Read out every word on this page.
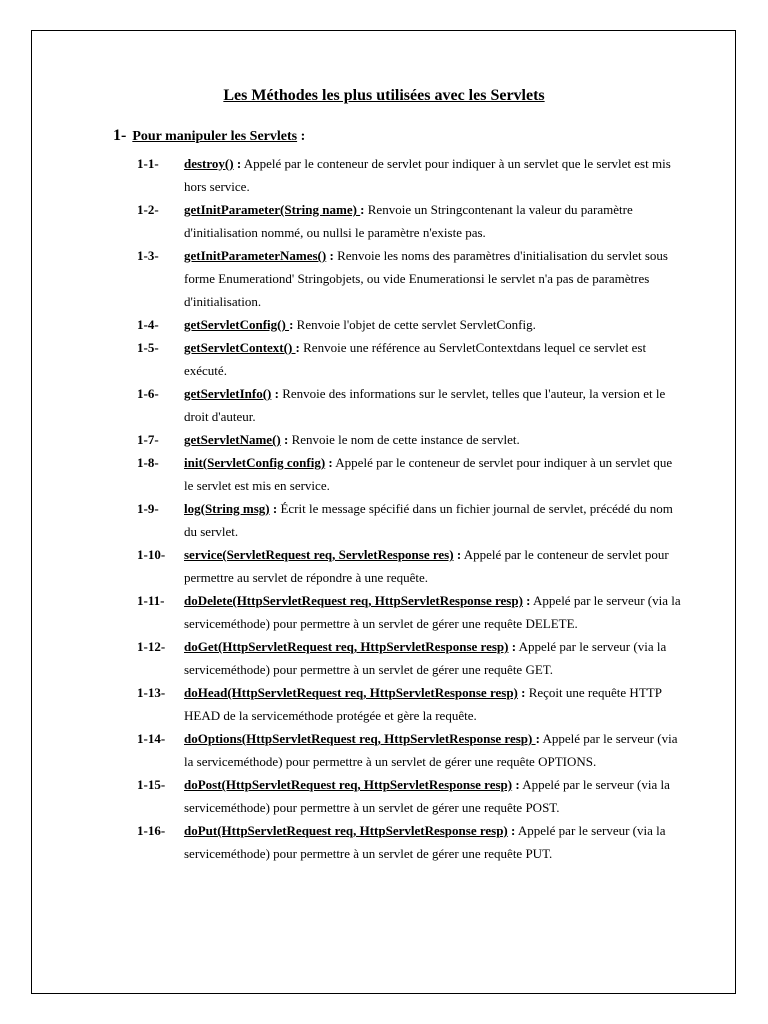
Les Méthodes les plus utilisées avec les Servlets
1- Pour manipuler les Servlets :
1-1- destroy() : Appelé par le conteneur de servlet pour indiquer à un servlet que le servlet est mis hors service.
1-2- getInitParameter(String name) : Renvoie un Stringcontenant la valeur du paramètre d'initialisation nommé, ou nullsi le paramètre n'existe pas.
1-3- getInitParameterNames() : Renvoie les noms des paramètres d'initialisation du servlet sous forme Enumerationd' Stringobjets, ou vide Enumerationsi le servlet n'a pas de paramètres d'initialisation.
1-4- getServletConfig() : Renvoie l'objet de cette servlet ServletConfig.
1-5- getServletContext() : Renvoie une référence au ServletContextdans lequel ce servlet est exécuté.
1-6- getServletInfo() : Renvoie des informations sur le servlet, telles que l'auteur, la version et le droit d'auteur.
1-7- getServletName() : Renvoie le nom de cette instance de servlet.
1-8- init(ServletConfig config) : Appelé par le conteneur de servlet pour indiquer à un servlet que le servlet est mis en service.
1-9- log(String msg) : Écrit le message spécifié dans un fichier journal de servlet, précédé du nom du servlet.
1-10- service(ServletRequest req, ServletResponse res) : Appelé par le conteneur de servlet pour permettre au servlet de répondre à une requête.
1-11- doDelete(HttpServletRequest req, HttpServletResponse resp) : Appelé par le serveur (via la serviceméthode) pour permettre à un servlet de gérer une requête DELETE.
1-12- doGet(HttpServletRequest req, HttpServletResponse resp) : Appelé par le serveur (via la serviceméthode) pour permettre à un servlet de gérer une requête GET.
1-13- doHead(HttpServletRequest req, HttpServletResponse resp) : Reçoit une requête HTTP HEAD de la serviceméthode protégée et gère la requête.
1-14- doOptions(HttpServletRequest req, HttpServletResponse resp) : Appelé par le serveur (via la serviceméthode) pour permettre à un servlet de gérer une requête OPTIONS.
1-15- doPost(HttpServletRequest req, HttpServletResponse resp) : Appelé par le serveur (via la serviceméthode) pour permettre à un servlet de gérer une requête POST.
1-16- doPut(HttpServletRequest req, HttpServletResponse resp) : Appelé par le serveur (via la serviceméthode) pour permettre à un servlet de gérer une requête PUT.
